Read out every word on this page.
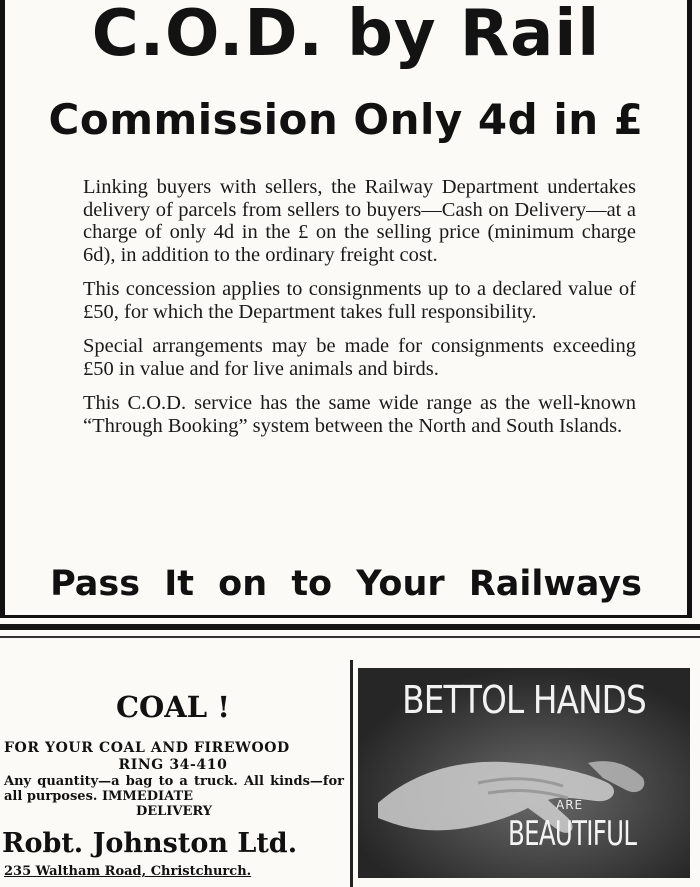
C.O.D. by Rail
Commission Only 4d in £

Linking buyers with sellers, the Railway Department undertakes delivery of parcels from sellers to buyers—Cash on Delivery—at a charge of only 4d in the £ on the selling price (minimum charge 6d), in addition to the ordinary freight cost.

This concession applies to consignments up to a declared value of £50, for which the Department takes full responsibility.

Special arrangements may be made for consignments exceeding £50 in value and for live animals and birds.

This C.O.D. service has the same wide range as the well-known “Through Booking” system between the North and South Islands.

Pass It on to Your Railways
COAL !
FOR YOUR COAL AND FIREWOOD
RING 34-410
Any quantity—a bag to a truck. All kinds—for all purposes. IMMEDIATE
DELIVERY
Robt. Johnston Ltd.
235 Waltham Road, Christchurch.
BETTOL HANDS
ARE
BEAUTIFUL
